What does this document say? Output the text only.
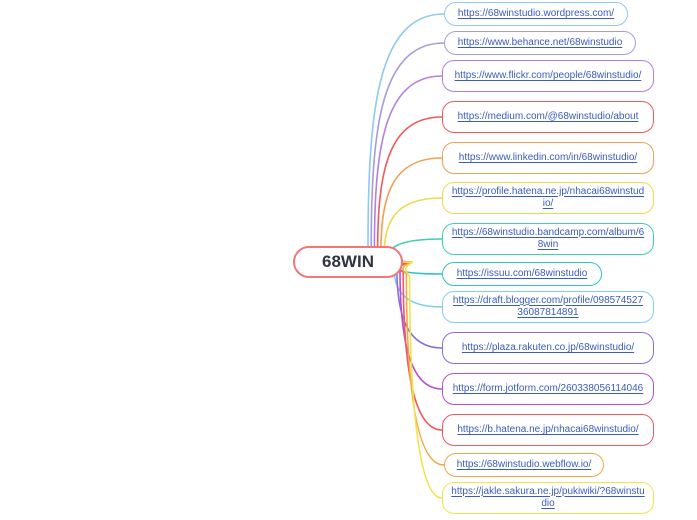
68WIN
https://68winstudio.wordpress.com/
https://www.behance.net/68winstudio
https://www.flickr.com/people/68winstudio/
https://medium.com/@68winstudio/about
https://www.linkedin.com/in/68winstudio/
https://profile.hatena.ne.jp/nhacai68winstudio/
https://68winstudio.bandcamp.com/album/68win
https://issuu.com/68winstudio
https://draft.blogger.com/profile/09857452736087814891
https://plaza.rakuten.co.jp/68winstudio/
https://form.jotform.com/260338056114046
https://b.hatena.ne.jp/nhacai68winstudio/
https://68winstudio.webflow.io/
https://jakle.sakura.ne.jp/pukiwiki/?68winstudio
